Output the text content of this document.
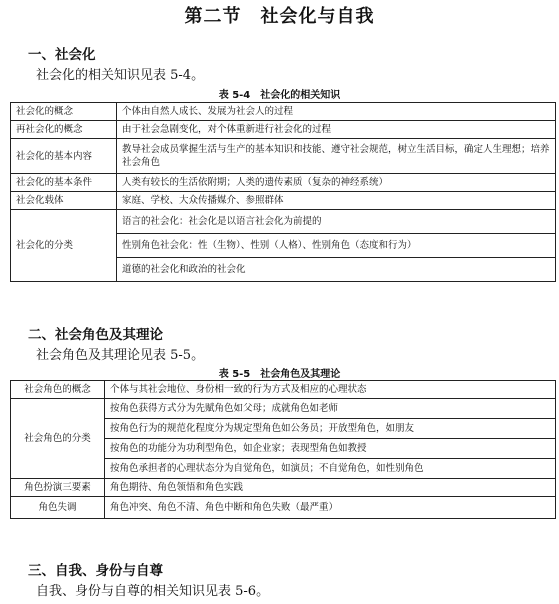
第二节　社会化与自我
一、社会化
社会化的相关知识见表 5-4。
表 5-4　社会化的相关知识
社会化的概念	个体由自然人成长、发展为社会人的过程
再社会化的概念	由于社会急剧变化，对个体重新进行社会化的过程
社会化的基本内容	教导社会成员掌握生活与生产的基本知识和技能、遵守社会规范，树立生活目标，确定人生理想；培养社会角色
社会化的基本条件	人类有较长的生活依附期；人类的遗传素质（复杂的神经系统）
社会化载体	家庭、学校、大众传播媒介、参照群体
社会化的分类	语言的社会化：社会化是以语言社会化为前提的
	性别角色社会化：性（生物）、性别（人格）、性别角色（态度和行为）
	道德的社会化和政治的社会化
二、社会角色及其理论
社会角色及其理论见表 5-5。
表 5-5　社会角色及其理论
社会角色的概念	个体与其社会地位、身份相一致的行为方式及相应的心理状态
社会角色的分类	按角色获得方式分为先赋角色如父母；成就角色如老师
	按角色行为的规范化程度分为规定型角色如公务员；开放型角色，如朋友
	按角色的功能分为功利型角色，如企业家；表现型角色如教授
	按角色承担者的心理状态分为自觉角色，如演员；不自觉角色，如性别角色
角色扮演三要素	角色期待、角色领悟和角色实践
角色失调	角色冲突、角色不清、角色中断和角色失败（最严重）
三、自我、身份与自尊
自我、身份与自尊的相关知识见表 5-6。
